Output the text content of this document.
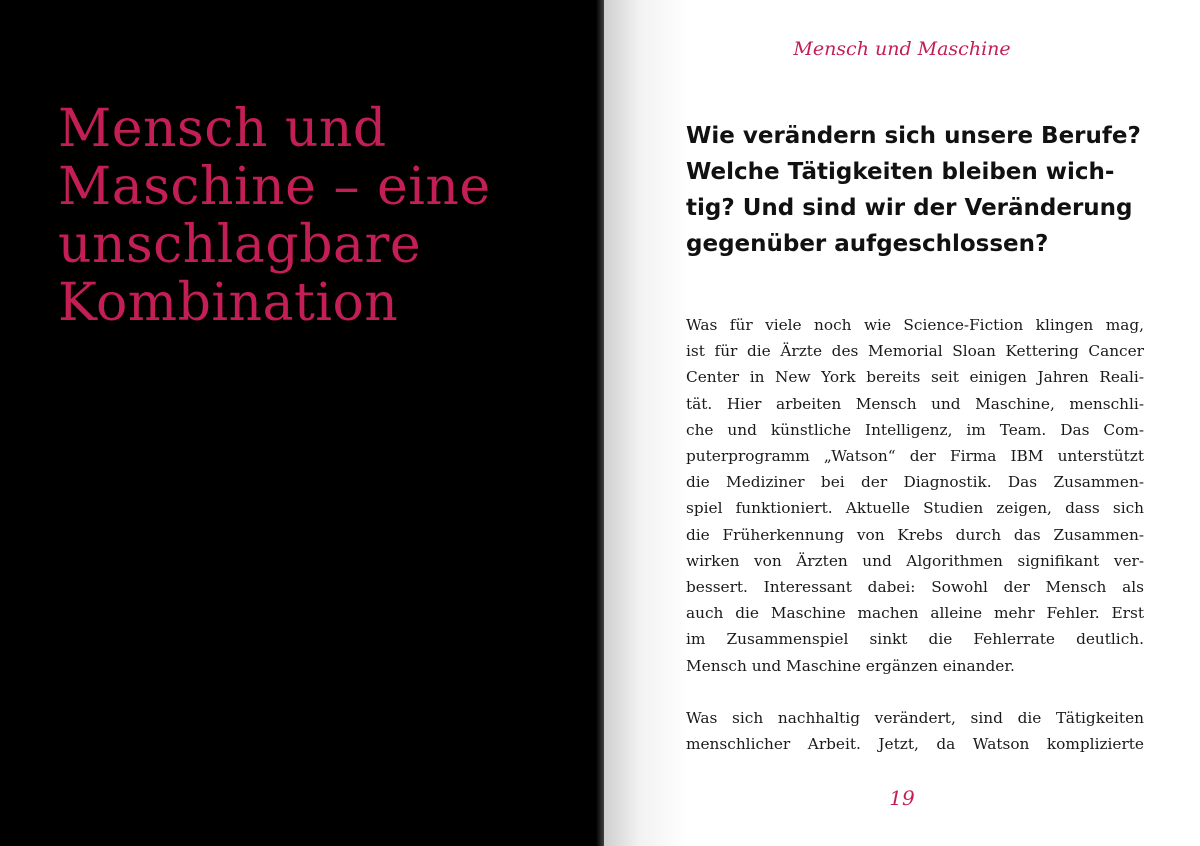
Mensch und
Maschine – eine
unschlagbare
Kombination
Mensch und Maschine
Wie verändern sich unsere Berufe?
Welche Tätigkeiten bleiben wich-
tig? Und sind wir der Veränderung
gegenüber aufgeschlossen?

Was für viele noch wie Science-Fiction klingen mag,
ist für die Ärzte des Memorial Sloan Kettering Cancer
Center in New York bereits seit einigen Jahren Reali-
tät. Hier arbeiten Mensch und Maschine, menschli-
che und künstliche Intelligenz, im Team. Das Com-
puterprogramm „Watson“ der Firma IBM unterstützt
die Mediziner bei der Diagnostik. Das Zusammen-
spiel funktioniert. Aktuelle Studien zeigen, dass sich
die Früherkennung von Krebs durch das Zusammen-
wirken von Ärzten und Algorithmen signifikant ver-
bessert. Interessant dabei: Sowohl der Mensch als
auch die Maschine machen alleine mehr Fehler. Erst
im Zusammenspiel sinkt die Fehlerrate deutlich.
Mensch und Maschine ergänzen einander.

Was sich nachhaltig verändert, sind die Tätigkeiten
menschlicher Arbeit. Jetzt, da Watson komplizierte

19
